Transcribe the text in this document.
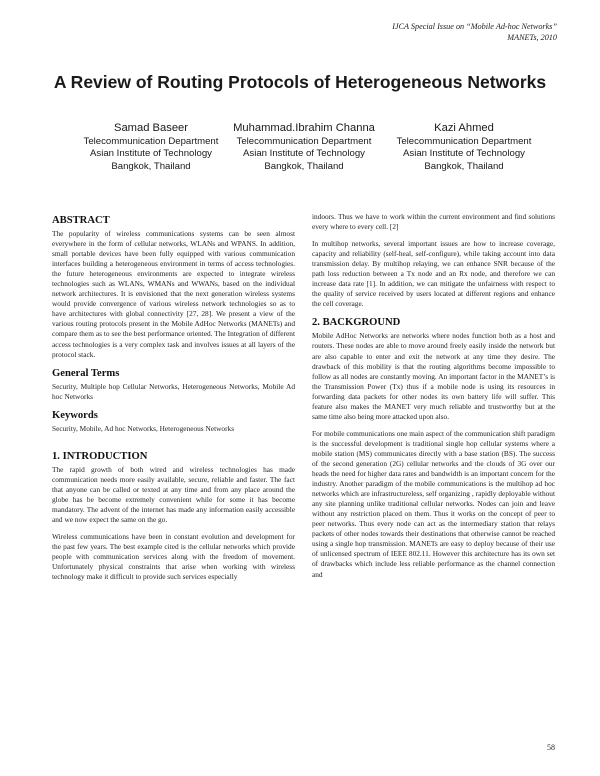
IJCA Special Issue on “Mobile Ad-hoc Networks”
MANETs, 2010
A Review of Routing Protocols of Heterogeneous Networks
Samad Baseer
Telecommunication Department
Asian Institute of Technology
Bangkok, Thailand
Muhammad.Ibrahim Channa
Telecommunication Department
Asian Institute of Technology
Bangkok, Thailand
Kazi Ahmed
Telecommunication Department
Asian Institute of Technology
Bangkok, Thailand
ABSTRACT

The popularity of wireless communications systems can be seen almost everywhere in the form of cellular networks, WLANs and WPANS. In addition, small portable devices have been fully equipped with various communication interfaces building a heterogeneous environment in terms of access technologies. the future heterogeneous environments are expected to integrate wireless technologies such as WLANs, WMANs and WWANs, based on the individual network architectures. It is envisioned that the next generation wireless systems would provide convergence of various wireless network technologies so as to have architectures with global connectivity [27, 28]. We present a view of the various routing protocols present in the Mobile AdHoc Networks (MANETs) and compare them as to see the best performance oriented. The Integration of different access technologies is a very complex task and involves issues at all layers of the protocol stack.

General Terms

Security, Multiple hop Cellular Networks, Heterogeneous Networks, Mobile Ad hoc Networks

Keywords

Security, Mobile, Ad hoc Networks, Heterogeneous Networks

1. INTRODUCTION

The rapid growth of both wired and wireless technologies has made communication needs more easily available, secure, reliable and faster. The fact that anyone can be called or texted at any time and from any place around the globe has be become extremely convenient while for some it has become mandatory. The advent of the internet has made any information easily accessible and we now expect the same on the go.

Wireless communications have been in constant evolution and development for the past few years. The best example cited is the cellular networks which provide people with communication services along with the freedom of movement. Unfortunately physical constraints that arise when working with wireless technology make it difficult to provide such services especially

indoors. Thus we have to work within the current environment and find solutions every where to every cell. [2]

In multihop networks, several important issues are how to increase coverage, capacity and reliability (self-heal, self-configure), while taking account into data transmission delay. By multihop relaying, we can enhance SNR because of the path loss reduction between a Tx node and an Rx node, and therefore we can increase data rate [1]. In addition, we can mitigate the unfairness with respect to the quality of service received by users located at different regions and enhance the cell coverage.

2. BACKGROUND

Mobile AdHoc Networks are networks where nodes function both as a host and routers. These nodes are able to move around freely easily inside the network but are also capable to enter and exit the network at any time they desire. The drawback of this mobility is that the routing algorithms become impossible to follow as all nodes are constantly moving. An important factor in the MANET’s is the Transmission Power (Tx) thus if a mobile node is using its resources in forwarding data packets for other nodes its own battery life will suffer. This feature also makes the MANET very much reliable and trustworthy but at the same time also being more attacked upon also.

For mobile communications one main aspect of the communication shift paradigm is the successful development is traditional single hop cellular systems where a mobile station (MS) communicates directly with a base station (BS). The success of the second generation (2G) cellular networks and the clouds of 3G over our heads the need for higher data rates and bandwidth is an important concern for the industry. Another paradigm of the mobile communications is the multihop ad hoc networks which are infrastructureless, self organizing , rapidly deployable without any site planning unlike traditional cellular networks. Nodes can join and leave without any restriction placed on them. Thus it works on the concept of peer to peer networks. Thus every node can act as the intermediary station that relays packets of other nodes towards their destinations that otherwise cannot be reached using a single hop transmission. MANETs are easy to deploy because of their use of unlicensed spectrum of IEEE 802.11. However this architecture has its own set of drawbacks which include less reliable performance as the channel connection and

58
